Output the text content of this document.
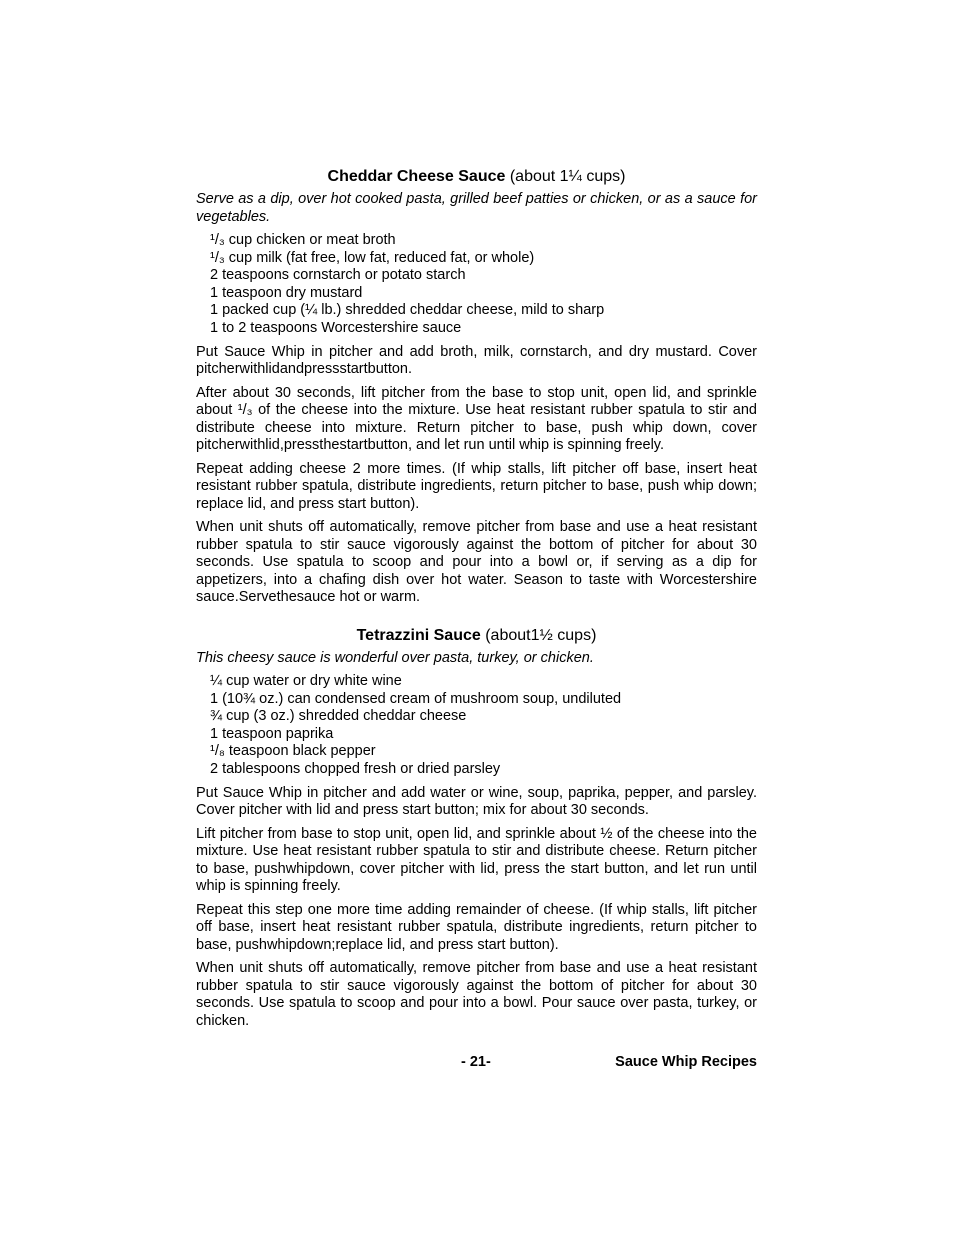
Cheddar Cheese Sauce (about 1¼ cups)

Serve as a dip, over hot cooked pasta, grilled beef patties or chicken, or as a sauce for vegetables.

¹/₃ cup chicken or meat broth
¹/₃ cup milk (fat free, low fat, reduced fat, or whole)
2 teaspoons cornstarch or potato starch
1 teaspoon dry mustard
1 packed cup (¼ lb.) shredded cheddar cheese, mild to sharp
1 to 2 teaspoons Worcestershire sauce

Put Sauce Whip in pitcher and add broth, milk, cornstarch, and dry mustard. Cover pitcherwithlidandpressstartbutton.

After about 30 seconds, lift pitcher from the base to stop unit, open lid, and sprinkle about ¹/₃ of the cheese into the mixture. Use heat resistant rubber spatula to stir and distribute cheese into mixture. Return pitcher to base, push whip down, cover pitcherwithlid,pressthestartbutton, and let run until whip is spinning freely.

Repeat adding cheese 2 more times. (If whip stalls, lift pitcher off base, insert heat resistant rubber spatula, distribute ingredients, return pitcher to base, push whip down; replace lid, and press start button).

When unit shuts off automatically, remove pitcher from base and use a heat resistant rubber spatula to stir sauce vigorously against the bottom of pitcher for about 30 seconds. Use spatula to scoop and pour into a bowl or, if serving as a dip for appetizers, into a chafing dish over hot water. Season to taste with Worcestershire sauce.Servethesauce hot or warm.

Tetrazzini Sauce (about1½ cups)

This cheesy sauce is wonderful over pasta, turkey, or chicken.

¼ cup water or dry white wine
1 (10¾ oz.) can condensed cream of mushroom soup, undiluted
¾ cup (3 oz.) shredded cheddar cheese
1 teaspoon paprika
¹/₈ teaspoon black pepper
2 tablespoons chopped fresh or dried parsley

Put Sauce Whip in pitcher and add water or wine, soup, paprika, pepper, and parsley. Cover pitcher with lid and press start button; mix for about 30 seconds.

Lift pitcher from base to stop unit, open lid, and sprinkle about ½ of the cheese into the mixture. Use heat resistant rubber spatula to stir and distribute cheese. Return pitcher to base, pushwhipdown, cover pitcher with lid, press the start button, and let run until whip is spinning freely.

Repeat this step one more time adding remainder of cheese. (If whip stalls, lift pitcher off base, insert heat resistant rubber spatula, distribute ingredients, return pitcher to base, pushwhipdown;replace lid, and press start button).

When unit shuts off automatically, remove pitcher from base and use a heat resistant rubber spatula to stir sauce vigorously against the bottom of pitcher for about 30 seconds. Use spatula to scoop and pour into a bowl. Pour sauce over pasta, turkey, or chicken.

- 21-	Sauce Whip Recipes
